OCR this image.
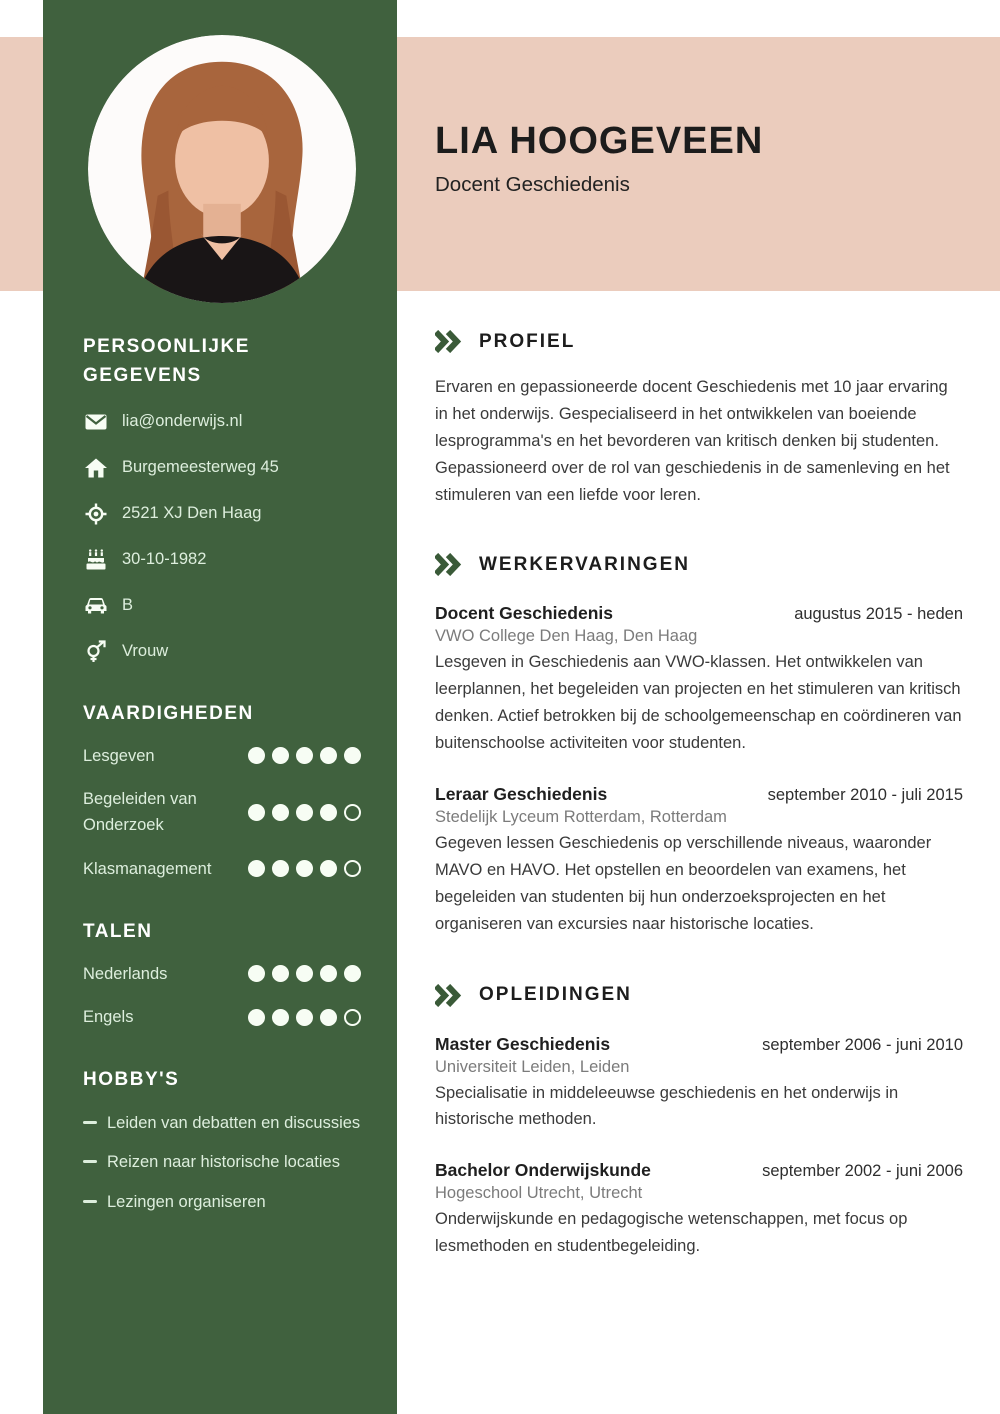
LIA HOOGEVEEN

Docent Geschiedenis

PERSOONLIJKE GEGEVENS
lia@onderwijs.nl
Burgemeesterweg 45
2521 XJ Den Haag
30-10-1982
B
Vrouw
VAARDIGHEDEN
Lesgeven
Begeleiden van Onderzoek
Klasmanagement
TALEN
Nederlands
Engels
HOBBY'S
Leiden van debatten en discussies
Reizen naar historische locaties
Lezingen organiseren
PROFIEL

Ervaren en gepassioneerde docent Geschiedenis met 10 jaar ervaring in het onderwijs. Gespecialiseerd in het ontwikkelen van boeiende lesprogramma's en het bevorderen van kritisch denken bij studenten. Gepassioneerd over de rol van geschiedenis in de samenleving en het stimuleren van een liefde voor leren.

WERKERVARINGEN
Docent Geschiedenis	augustus 2015 - heden
VWO College Den Haag, Den Haag
Lesgeven in Geschiedenis aan VWO-klassen. Het ontwikkelen van leerplannen, het begeleiden van projecten en het stimuleren van kritisch denken. Actief betrokken bij de schoolgemeenschap en coördineren van buitenschoolse activiteiten voor studenten.
Leraar Geschiedenis	september 2010 - juli 2015
Stedelijk Lyceum Rotterdam, Rotterdam
Gegeven lessen Geschiedenis op verschillende niveaus, waaronder MAVO en HAVO. Het opstellen en beoordelen van examens, het begeleiden van studenten bij hun onderzoeksprojecten en het organiseren van excursies naar historische locaties.
OPLEIDINGEN
Master Geschiedenis	september 2006 - juni 2010
Universiteit Leiden, Leiden
Specialisatie in middeleeuwse geschiedenis en het onderwijs in historische methoden.
Bachelor Onderwijskunde	september 2002 - juni 2006
Hogeschool Utrecht, Utrecht
Onderwijskunde en pedagogische wetenschappen, met focus op lesmethoden en studentbegeleiding.
